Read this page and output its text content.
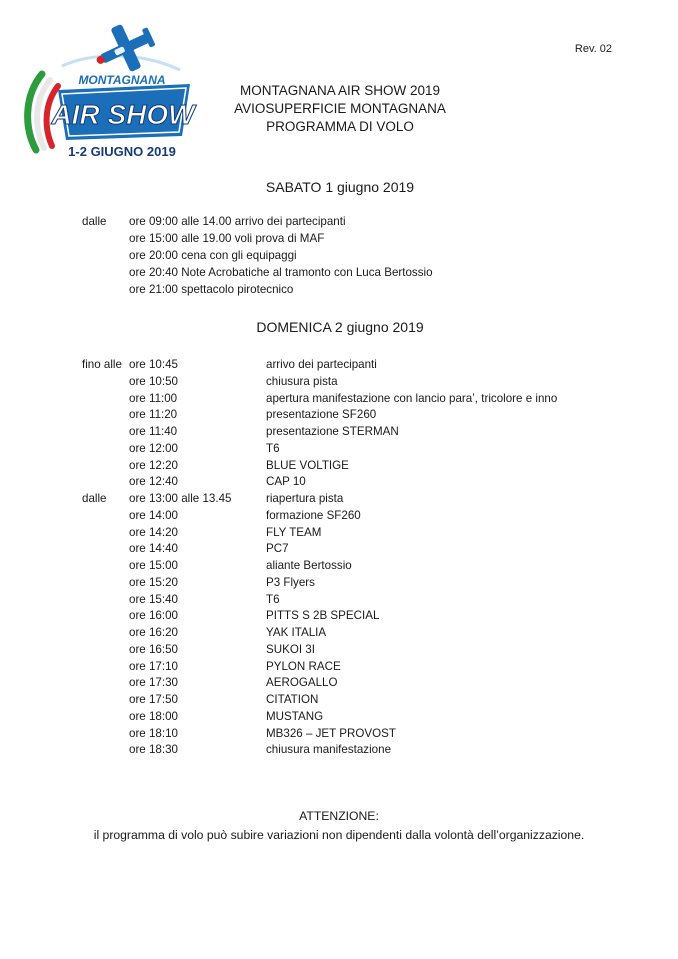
MONTAGNANA
AIR SHOW
1-2 GIUGNO 2019
Rev. 02
MONTAGNANA AIR SHOW 2019
AVIOSUPERFICIE MONTAGNANA
PROGRAMMA DI VOLO
SABATO 1 giugno 2019
dalle ore 09:00 alle 14.00 arrivo dei partecipanti
ore 15:00 alle 19.00 voli prova di MAF
ore 20:00 cena con gli equipaggi
ore 20:40 Note Acrobatiche al tramonto con Luca Bertossio
ore 21:00 spettacolo pirotecnico
DOMENICA 2 giugno 2019
fino alle ore 10:45	arrivo dei partecipanti
ore 10:50	chiusura pista
ore 11:00	apertura manifestazione con lancio para’, tricolore e inno
ore 11:20	presentazione SF260
ore 11:40	presentazione STERMAN
ore 12:00	T6
ore 12:20	BLUE VOLTIGE
ore 12:40	CAP 10
dalle ore 13:00 alle 13.45	riapertura pista
ore 14:00	formazione SF260
ore 14:20	FLY TEAM
ore 14:40	PC7
ore 15:00	aliante Bertossio
ore 15:20	P3 Flyers
ore 15:40	T6
ore 16:00	PITTS S 2B SPECIAL
ore 16:20	YAK ITALIA
ore 16:50	SUKOI 3I
ore 17:10	PYLON RACE
ore 17:30	AEROGALLO
ore 17:50	CITATION
ore 18:00	MUSTANG
ore 18:10	MB326 – JET PROVOST
ore 18:30	chiusura manifestazione
ATTENZIONE:
il programma di volo può subire variazioni non dipendenti dalla volontà dell’organizzazione.
